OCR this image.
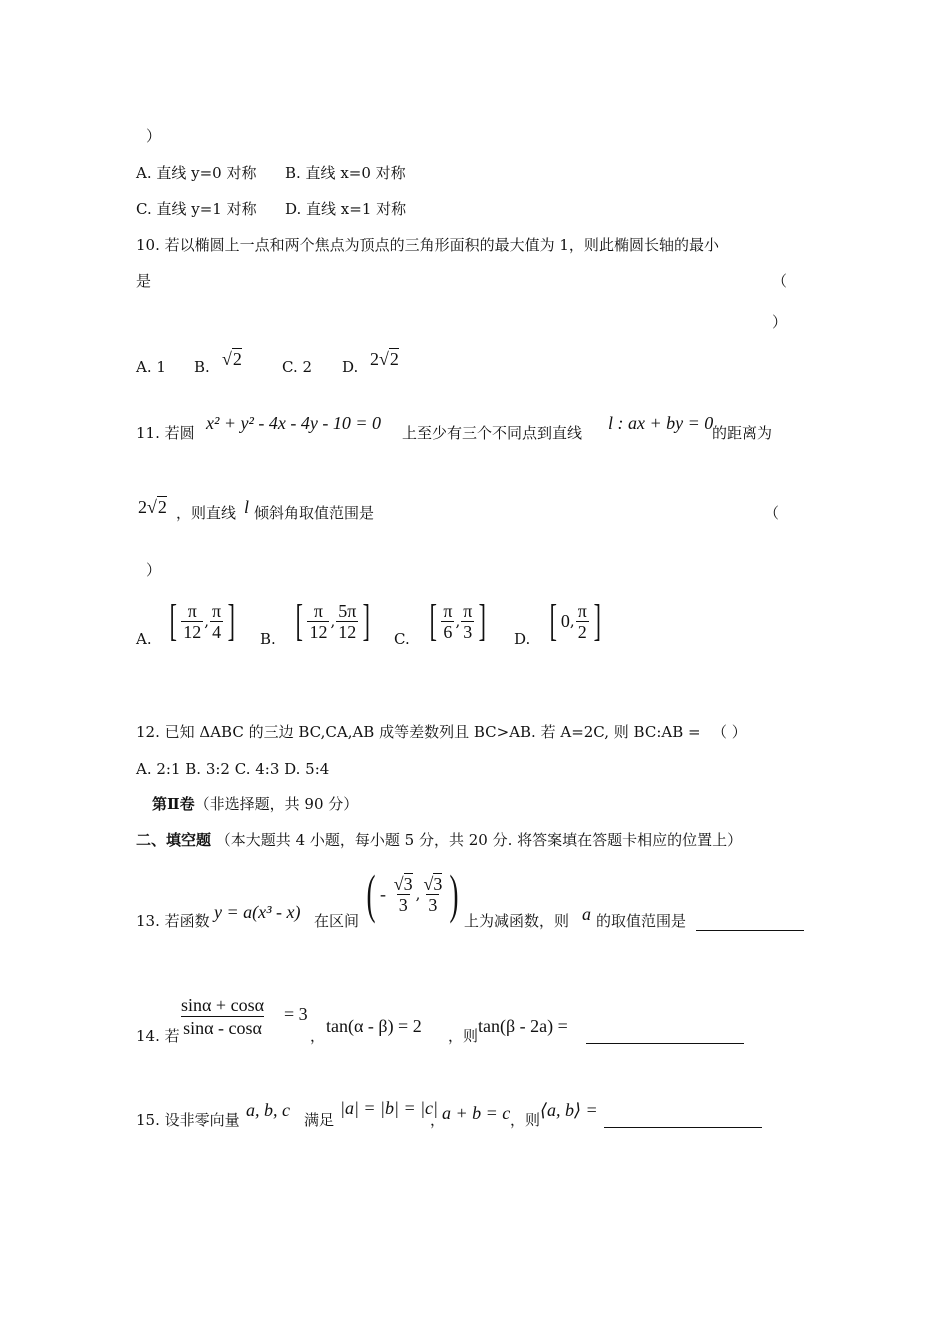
）
A. 直线 y=0 对称 B. 直线 x=0 对称
C. 直线 y=1 对称 D. 直线 x=1 对称
10. 若以椭圆上一点和两个焦点为顶点的三角形面积的最大值为 1，则此椭圆长轴的最小
是	（
）
A. 1 B. √2	C. 2 D. 2√2
11. 若圆 x² + y² - 4x - 4y - 10 = 0 上至少有三个不同点到直线 l : ax + by = 0
的距离为
2√2 ，则直线 l 倾斜角取值范围是	（
）
A. [ $\frac{\pi}{12}$ , $\frac{\pi}{4}$ ] B. [ $\frac{\pi}{12}$ , $\frac{5\pi}{12}$ ] C. [ $\frac{\pi}{6}$ , $\frac{\pi}{3}$ ] D. [ 0 , $\frac{\pi}{2}$ ]
12. 已知 ΔABC 的三边 BC,CA,AB 成等差数列且 BC>AB. 若 A=2C, 则 BC:AB = （ ）
A. 2:1 B. 3:2 C. 4:3 D. 5:4
第Ⅱ卷（非选择题，共 90 分）
二、填空题 （本大题共 4 小题，每小题 5 分，共 20 分. 将答案填在答题卡相应的位置上）
13. 若函数 y = a(x³ - x) 在区间 ( -
$\frac{√3}{3}$ , $\frac{√3}{3}$ ) 上为减函数，则 a 的取值范围是
14. 若 $\frac{\sin\alpha + \cos\alpha}{\sin\alpha - \cos\alpha} = 3$
， tan(α - β) = 2 ，则 tan(β - 2a) =
15. 设非零向量 a, b, c 满足
|a| = |b| = |c|
，
a + b = c ，则 ⟨a, b⟩ =
